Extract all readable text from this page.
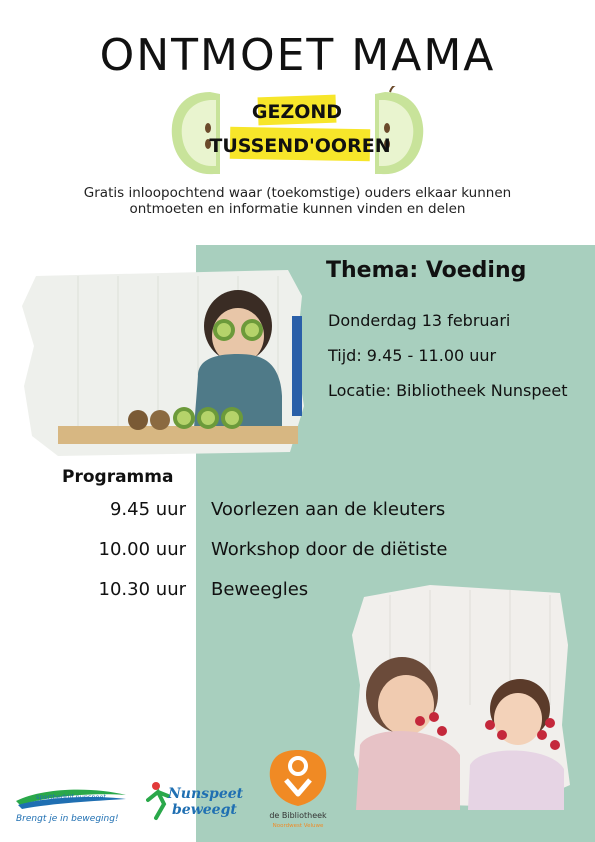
ONTMOET MAMA
GEZOND
TUSSEND'OOREN
Gratis inloopochtend waar (toekomstige) ouders elkaar kunnen
ontmoeten en informatie kunnen vinden en delen
Thema: Voeding
Donderdag 13 februari
Tijd: 9.45 - 11.00 uur
Locatie: Bibliotheek Nunspeet
Programma
9.45 uur Voorlezen aan de kleuters
10.00 uur Workshop door de diëtiste
10.30 uur Beweegles
sportbedrijf nunspeet
Brengt je in beweging!
Nunspeet
beweegt	de Bibliotheek
Noordwest Veluwe
